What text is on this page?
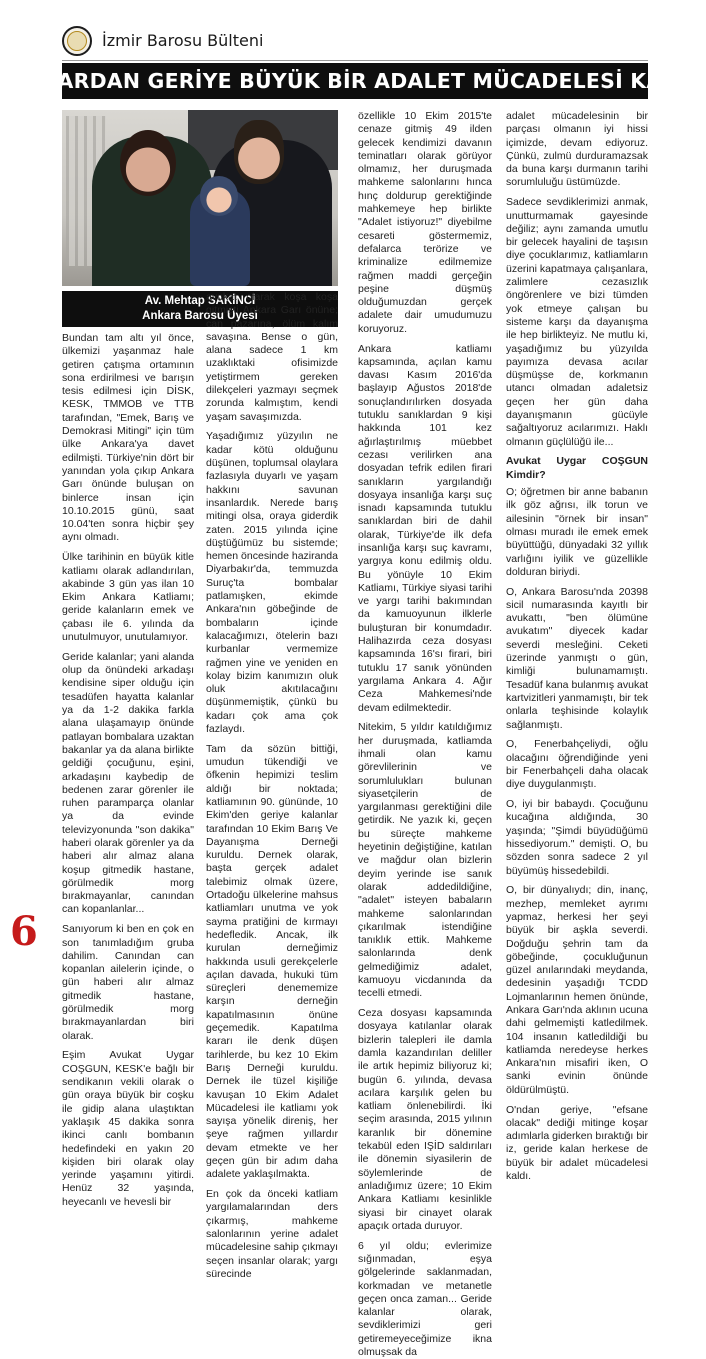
İzmir Barosu Bülteni
ONLARDAN GERİYE BÜYÜK BİR ADALET MÜCADELESİ KALDI
Av. Mehtap SAKİNCİ
Ankara Barosu Üyesi

Bundan tam altı yıl önce, ülkemizi yaşanmaz hale getiren çatışma ortamının sona erdirilmesi ve barışın tesis edilmesi için DİSK, KESK, TMMOB ve TTB tarafından, "Emek, Barış ve Demokrasi Mitingi" için tüm ülke Ankara'ya davet edilmişti. Türkiye'nin dört bir yanından yola çıkıp Ankara Garı önünde buluşan on binlerce insan için 10.10.2015 günü, saat 10.04'ten sonra hiçbir şey aynı olmadı.

Ülke tarihinin en büyük kitle katliamı olarak adlandırılan, akabinde 3 gün yas ilan 10 Ekim Ankara Katliamı; geride kalanların emek ve çabası ile 6. yılında da unutulmuyor, unutulamıyor.

Geride kalanlar; yani alanda olup da önündeki arkadaşı kendisine siper olduğu için tesadüfen hayatta kalanlar ya da 1-2 dakika farkla alana ulaşamayıp önünde patlayan bombalara uzaktan bakanlar ya da alana birlikte geldiği çocuğunu, eşini, arkadaşını kaybedip de bedenen zarar görenler ile ruhen paramparça olanlar ya da evinde televizyonunda "son dakika" haberi olarak görenler ya da haberi alır almaz alana koşup gitmedik hastane, görülmedik morg bırakmayanlar, canından can kopanlanlar...

Sanıyorum ki ben en çok en son tanımladığım gruba dahilim. Canından can kopanlan ailelerin içinde, o gün haberi alır almaz gitmedik hastane, görülmedik morg bırakmayanlardan biri olarak.

Eşim Avukat Uygar COŞGUN, KESK'e bağlı bir sendikanın vekili olarak o gün oraya büyük bir coşku ile gidip alana ulaştıktan yaklaşık 45 dakika sonra ikinci canlı bombanın hedefindeki en yakın 20 kişiden biri olarak olay yerinde yaşamını yitirdi. Henüz 32 yaşında, heyecanlı ve hevesli bir

avukat olarak koşa koşa gitmişti Ankara Garı önüne; can pazarına, ölüm kalım savaşına. Bense o gün, alana sadece 1 km uzaklıktaki ofisimizde yetiştirmem gereken dilekçeleri yazmayı seçmek zorunda kalmıştım, kendi yaşam savaşımızda.

Yaşadığımız yüzyılın ne kadar kötü olduğunu düşünen, toplumsal olaylara fazlasıyla duyarlı ve yaşam hakkını savunan insanlardık. Nerede barış mitingi olsa, oraya giderdik zaten. 2015 yılında içine düştüğümüz bu sistemde; hemen öncesinde haziranda Diyarbakır'da, temmuzda Suruç'ta bombalar patlamışken, ekimde Ankara'nın göbeğinde de bombaların içinde kalacağımızı, ötelerin bazı kurbanlar vermemize rağmen yine ve yeniden en kolay bizim kanımızın oluk oluk akıtılacağını düşünmemiştik, çünkü bu kadarı çok ama çok fazlaydı.

Tam da sözün bittiği, umudun tükendiği ve öfkenin hepimizi teslim aldığı bir noktada; katliamının 90. gününde, 10 Ekim'den geriye kalanlar tarafından 10 Ekim Barış Ve Dayanışma Derneği kuruldu. Dernek olarak, başta gerçek adalet talebimiz olmak üzere, Ortadoğu ülkelerine mahsus katliamları unutma ve yok sayma pratiğini de kırmayı hedefledik. Ancak, ilk kurulan derneğimiz hakkında usuli gerekçelerle açılan davada, hukuki tüm süreçleri denememize karşın derneğin kapatılmasının önüne geçemedik. Kapatılma kararı ile denk düşen tarihlerde, bu kez 10 Ekim Barış Derneği kuruldu. Dernek ile tüzel kişiliğe kavuşan 10 Ekim Adalet Mücadelesi ile katliamı yok sayışa yönelik direniş, her şeye rağmen yıllardır devam etmekte ve her geçen gün bir adım daha adalete yaklaşılmakta.

En çok da önceki katliam yargılamalarından ders çıkarmış, mahkeme salonlarının yerine adalet mücadelesine sahip çıkmayı seçen insanlar olarak; yargı sürecinde

özellikle 10 Ekim 2015'te cenaze gitmiş 49 ilden gelecek kendimizi davanın teminatları olarak görüyor olmamız, her duruşmada mahkeme salonlarını hınca hınç doldurup gerektiğinde mahkemeye hep birlikte "Adalet istiyoruz!" diyebilme cesareti göstermemiz, defalarca terörize ve kriminalize edilmemize rağmen maddi gerçeğin peşine düşmüş olduğumuzdan gerçek adalete dair umudumuzu koruyoruz.

Ankara katliamı kapsamında, açılan kamu davası Kasım 2016'da başlayıp Ağustos 2018'de sonuçlandırılırken dosyada tutuklu sanıklardan 9 kişi hakkında 101 kez ağırlaştırılmış müebbet cezası verilirken ana dosyadan tefrik edilen firari sanıkların yargılandığı dosyaya insanlığa karşı suç isnadı kapsamında tutuklu sanıklardan biri de dahil olarak, Türkiye'de ilk defa insanlığa karşı suç kavramı, yargıya konu edilmiş oldu. Bu yönüyle 10 Ekim Katliamı, Türkiye siyasi tarihi ve yargı tarihi bakımından da kamuoyunun ilklerle buluşturan bir konumdadır. Halihazırda ceza dosyası kapsamında 16'sı firari, biri tutuklu 17 sanık yönünden yargılama Ankara 4. Ağır Ceza Mahkemesi'nde devam edilmektedir.

Nitekim, 5 yıldır katıldığımız her duruşmada, katliamda ihmali olan kamu görevlilerinin ve sorumlulukları bulunan siyasetçilerin de yargılanması gerektiğini dile getirdik. Ne yazık ki, geçen bu süreçte mahkeme heyetinin değiştiğine, katılan ve mağdur olan bizlerin deyim yerinde ise sanık olarak addedildiğine, "adalet" isteyen babaların mahkeme salonlarından çıkarılmak istendiğine tanıklık ettik. Mahkeme salonlarında denk gelmediğimiz adalet, kamuoyu vicdanında da tecelli etmedi.

Ceza dosyası kapsamında dosyaya katılanlar olarak bizlerin talepleri ile damla damla kazandırılan deliller ile artık hepimiz biliyoruz ki; bugün 6. yılında, devasa acılara karşılık gelen bu katliam önlenebilirdi. İki seçim arasında, 2015 yılının karanlık bir dönemine tekabül eden IŞİD saldırıları ile dönemin siyasilerin de söylemlerinde de anladığımız üzere; 10 Ekim Ankara Katliamı kesinlikle siyasi bir cinayet olarak apaçık ortada duruyor.

6 yıl oldu; evlerimize sığınmadan, eşya gölgelerinde saklanmadan, korkmadan ve metanetle geçen onca zaman... Geride kalanlar olarak, sevdiklerimizi geri getiremeyeceğimize ikna olmuşsak da

adalet mücadelesinin bir parçası olmanın iyi hissi içimizde, devam ediyoruz. Çünkü, zulmü durduramazsak da buna karşı durmanın tarihi sorumluluğu üstümüzde.

Sadece sevdiklerimizi anmak, unutturmamak gayesinde değiliz; aynı zamanda umutlu bir gelecek hayalini de taşısın diye çocuklarımız, katliamların üzerini kapatmaya çalışanlara, zalimlere cezasızlık öngörenlere ve bizi tümden yok etmeye çalışan bu sisteme karşı da dayanışma ile hep birlikteyiz. Ne mutlu ki, yaşadığımız bu yüzyılda payımıza devasa acılar düşmüşse de, korkmanın utancı olmadan adaletsiz geçen her gün daha dayanışmanın gücüyle sağaltıyoruz acılarımızı. Haklı olmanın güçlülüğü ile...

Avukat Uygar COŞGUN Kimdir?

O; öğretmen bir anne babanın ilk göz ağrısı, ilk torun ve ailesinin "örnek bir insan" olması muradı ile emek emek büyüttüğü, dünyadaki 32 yıllık varlığını iyilik ve güzellikle dolduran biriydi.

O, Ankara Barosu'nda 20398 sicil numarasında kayıtlı bir avukattı, "ben ölümüne avukatım" diyecek kadar severdi mesleğini. Ceketi üzerinde yanmıştı o gün, kimliği bulunamamıştı. Tesadüf kana bulanmış avukat kartvizitleri yanmamıştı, bir tek onlarla teşhisinde kolaylık sağlanmıştı.

O, Fenerbahçeliydi, oğlu olacağını öğrendiğinde yeni bir Fenerbahçeli daha olacak diye duygulanmıştı.

O, iyi bir babaydı. Çocuğunu kucağına aldığında, 30 yaşında; "Şimdi büyüdüğümü hissediyorum." demişti. O, bu sözden sonra sadece 2 yıl büyümüş hissedebildi.

O, bir dünyalıydı; din, inanç, mezhep, memleket ayrımı yapmaz, herkesi her şeyi büyük bir aşkla severdi. Doğduğu şehrin tam da göbeğinde, çocukluğunun güzel anılarındaki meydanda, dedesinin yaşadığı TCDD Lojmanlarının hemen önünde, Ankara Garı'nda aklının ucuna dahi gelmemişti katledilmek. 104 insanın katledildiği bu katliamda neredeyse herkes Ankara'nın misafiri iken, O sanki evinin önünde öldürülmüştü.

O'ndan geriye, "efsane olacak" dediği mitinge koşar adımlarla giderken bıraktığı bir iz, geride kalan herkese de büyük bir adalet mücadelesi kaldı.

6
